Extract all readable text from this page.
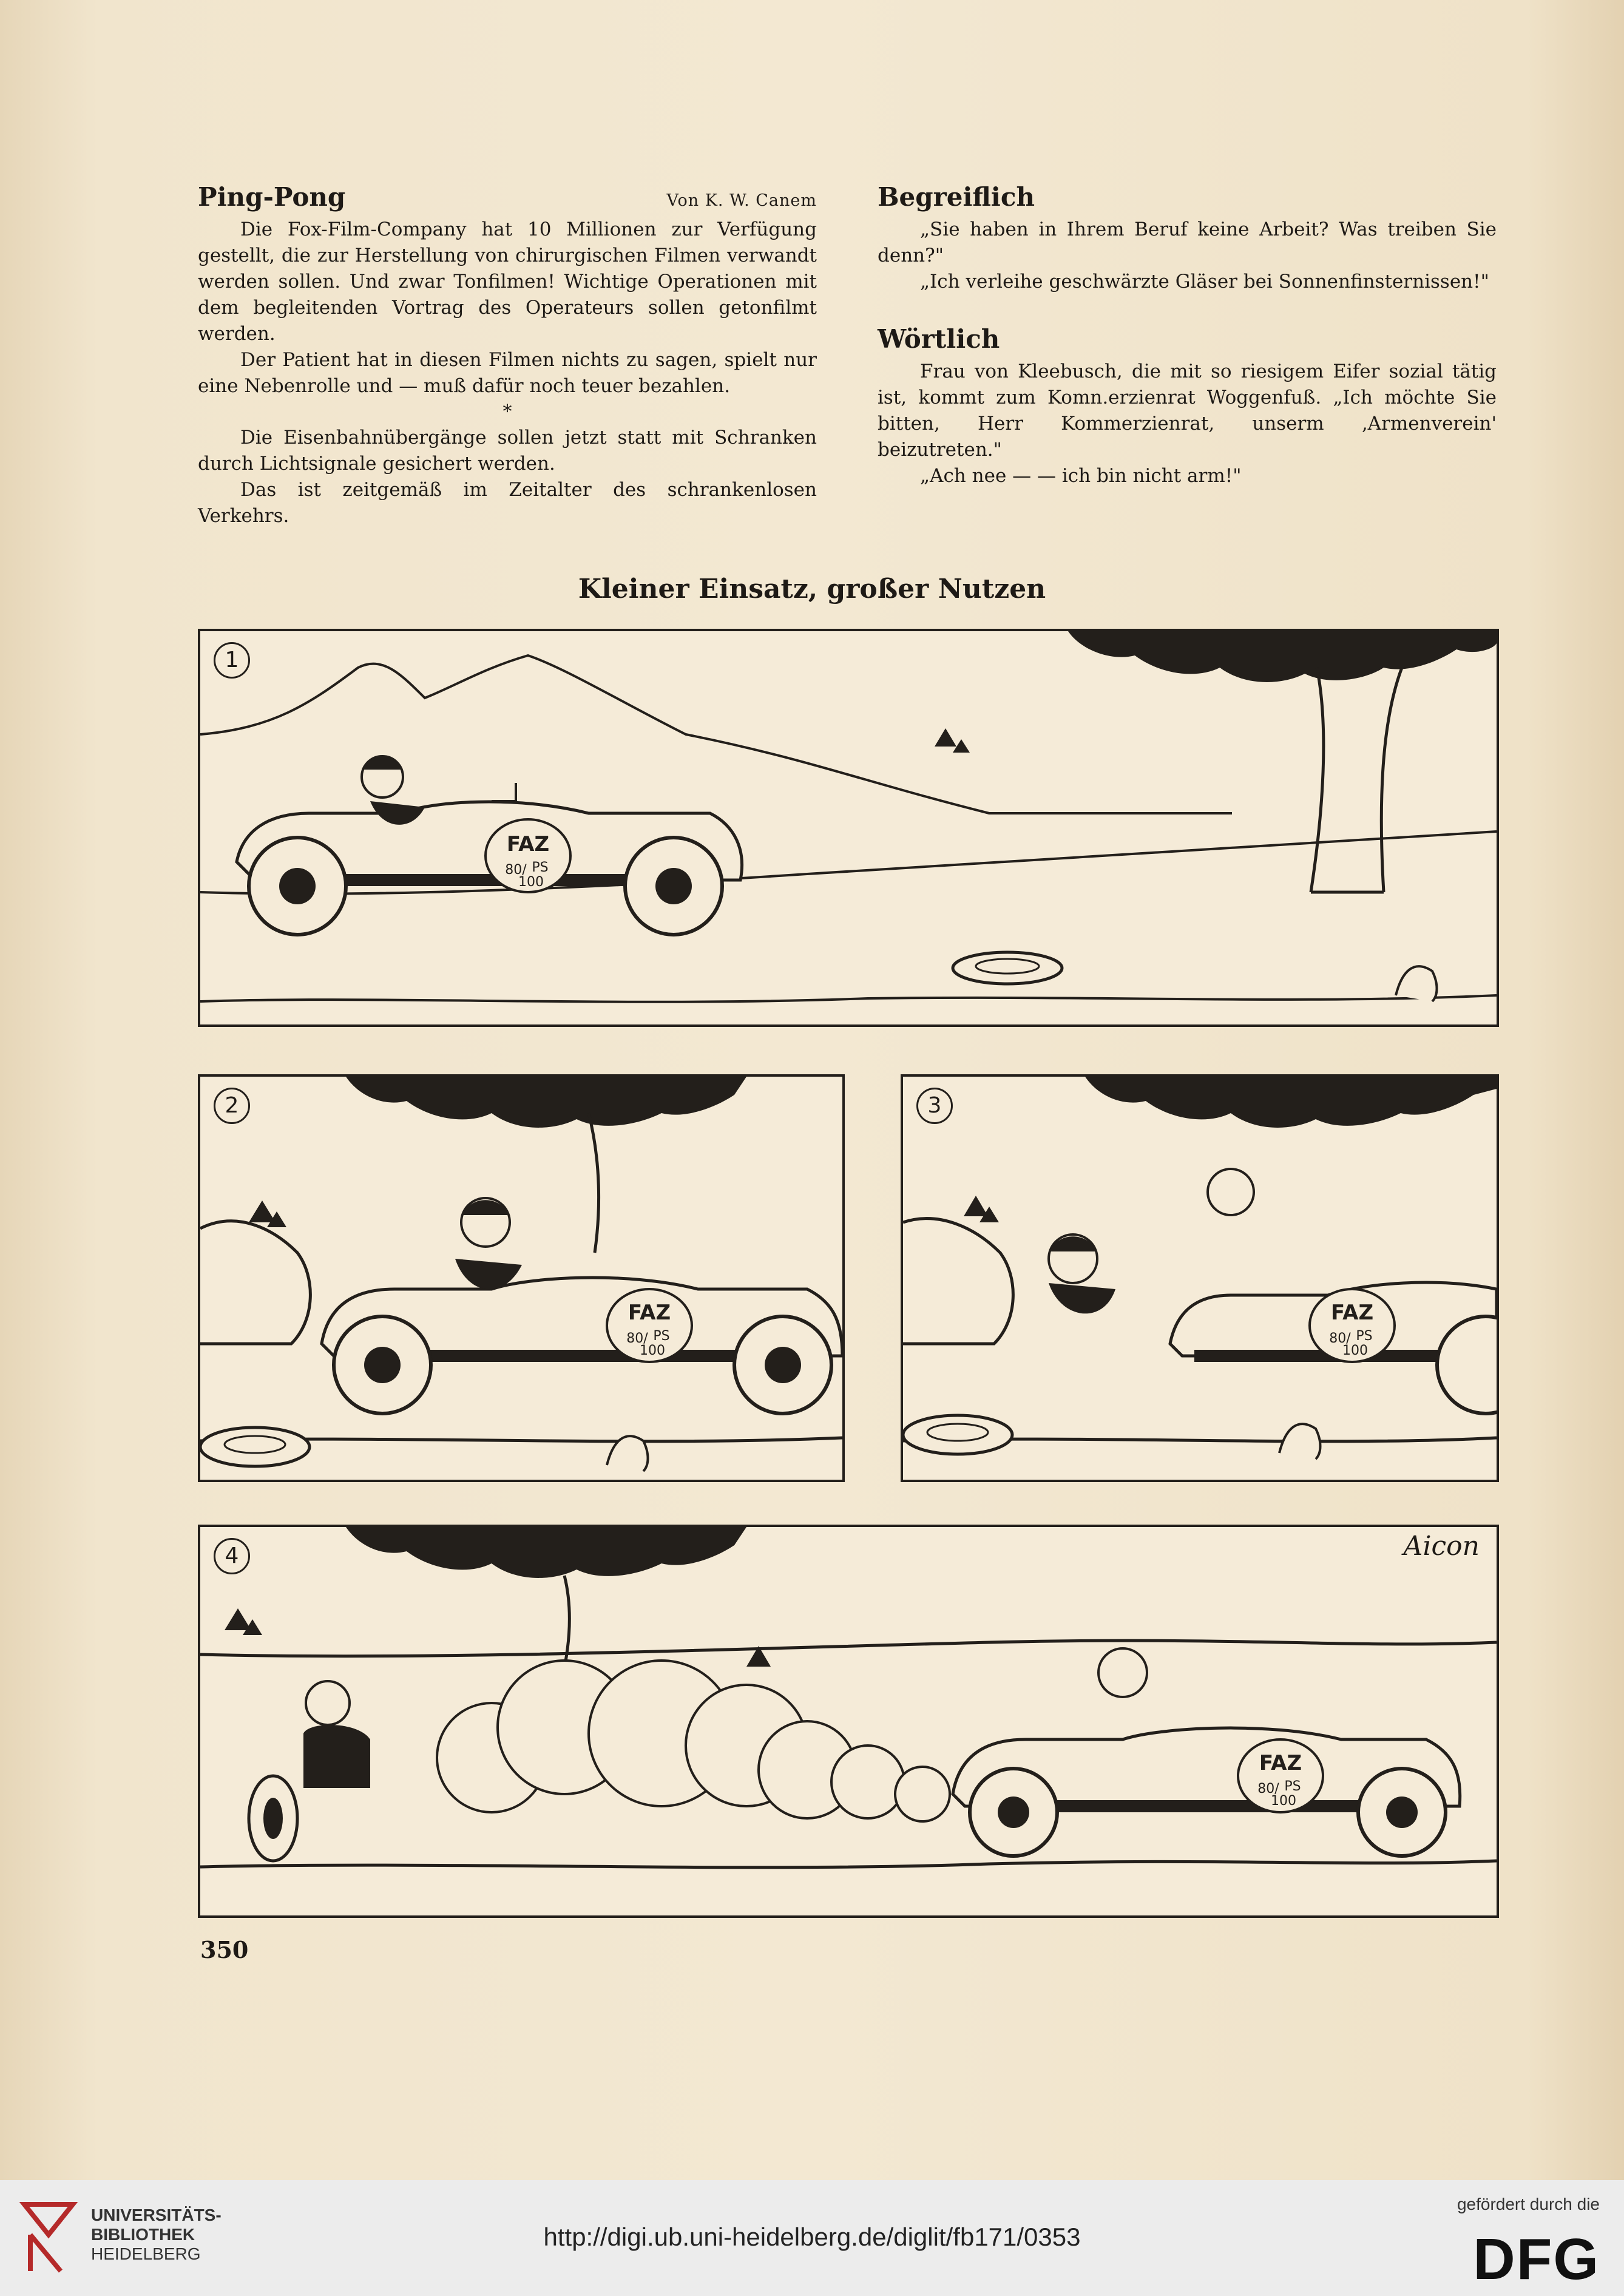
Ping-Pong	Von K. W. Canem

Die Fox-Film-Company hat 10 Millionen zur Verfügung gestellt, die zur Herstellung von chirurgischen Filmen verwandt werden sollen. Und zwar Tonfilmen! Wichtige Operationen mit dem begleitenden Vortrag des Operateurs sollen getonfilmt werden.

Der Patient hat in diesen Filmen nichts zu sagen, spielt nur eine Nebenrolle und — muß dafür noch teuer bezahlen.

*

Die Eisenbahnübergänge sollen jetzt statt mit Schranken durch Lichtsignale gesichert werden.

Das ist zeitgemäß im Zeitalter des schrankenlosen Verkehrs.

Begreiflich

„Sie haben in Ihrem Beruf keine Arbeit? Was treiben Sie denn?"

„Ich verleihe geschwärzte Gläser bei Sonnenfinsternissen!"

Wörtlich

Frau von Kleebusch, die mit so riesigem Eifer sozial tätig ist, kommt zum Komn.erzienrat Woggenfuß. „Ich möchte Sie bitten, Herr Kommerzienrat, unserm ‚Armenverein' beizutreten."

„Ach nee — — ich bin nicht arm!"

Kleiner Einsatz, großer Nutzen
FAZ
80/ PS
100
1
FAZ
80/ PS
100
2
FAZ
80/ PS
100
3
FAZ
80/ PS
100
4	Aicon
350
UNIVERSITÄTS-
BIBLIOTHEK
HEIDELBERG
http://digi.ub.uni-heidelberg.de/diglit/fb171/0353
gefördert durch die
DFG
